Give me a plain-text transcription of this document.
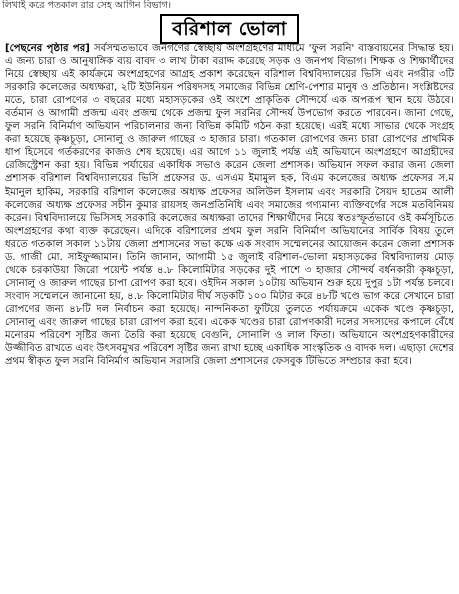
লিখাই করে পতকাল রার সেহ আগিন বিভাগ।
বরিশাল ভোলা
[পেছনের পৃষ্ঠার পর] সর্বসম্মতভাবে জনগণের স্বেচ্ছায় অংশগ্রহণের মাধ্যমে 'ফুল সরনি' বাস্তবায়নের সিদ্ধান্ত হয়। এ জন্য চারা ও আনুষাঙ্গিক ব্যয় বাবদ ৩ লাখ টাকা বরাদ্দ করেছে সড়ক ও জনপথ বিভাগ। শিক্ষক ও শিক্ষার্থীদের নিয়ে স্বেচ্ছায় এই কার্যক্রমে অংশগ্রহণের আগ্রহ প্রকাশ করেছেন বরিশাল বিশ্ববিদ্যালয়ের ভিসি এবং নগরীর ৩টি সরকারি কলেজের অধ্যক্ষরা, ২টি ইউনিয়ন পরিষদসহ সমাজের বিভিন্ন শ্রেণি-পেশার মানুষ ও প্রতিষ্ঠান। সংশ্লিষ্টদের মতে, চারা রোপণের ৩ বছরের মধ্যে মহাসড়কের ওই অংশে প্রাকৃতিক সৌন্দর্যে এক অপরূপ স্থান হয়ে উঠবে। বর্তমান ও আগামী প্রজন্ম এবং প্রজন্ম থেকে প্রজন্ম ফুল সরনির সৌন্দর্য উপভোগ করতে পারবেন। জানা গেছে, ফুল সরনি বিনির্মাণ অভিযান পরিচালনার জন্য বিভিন্ন কমিটি গঠন করা হয়েছে। এরই মধ্যে সাভার থেকে সংগ্রহ করা হয়েছে কৃষ্ণচূড়া, সোনালু ও জারুল গাছের ৩ হাজার চারা। গতকাল রোপণের জন্য চারা রোপণের প্রাথমিক ধাপ হিসেবে গর্তকরণের কাজও শেষ হয়েছে। এর আগে ১১ জুলাই পর্যন্ত এই অভিযানে অংশগ্রহণে আগ্রহীদের রেজিস্ট্রেশন করা হয়। বিভিন্ন পর্যায়ের একাধিক সভাও করেন জেলা প্রশাসক। অভিযান সফল করার জন্য জেলা প্রশাসক বরিশাল বিশ্ববিদ্যালয়ের ভিসি প্রফেসর ড. এসএম ইমামুল হক, বিএম কলেজের অধ্যক্ষ প্রফেসর স.ম ইমানুল হাকিম, সরকারি বরিশাল কলেজের অধ্যক্ষ প্রফেসর অলিউল ইসলাম এবং সরকারি সৈয়দ হাতেম আলী কলেজের অধ্যক্ষ প্রফেসর সচীন কুমার রায়সহ জনপ্রতিনিধি এবং সমাজের গণ্যমান্য ব্যক্তিবর্গের সঙ্গে মতবিনিময় করেন। বিশ্ববিদ্যালয়ে ভিসিসহ সরকারি কলেজের অধ্যক্ষরা তাদের শিক্ষার্থীদের নিয়ে স্বতঃস্ফূর্তভাবে ওই কর্মসূচিতে অংশগ্রহণের কথা ব্যক্ত করেছেন। এদিকে বরিশালের প্রথম ফুল সরনি বিনির্মাণ অভিযানের সার্বিক বিষয় তুলে ধরতে গতকাল সকাল ১১টায় জেলা প্রশাসনের সভা কক্ষে এক সংবাদ সম্মেলনের আয়োজন করেন জেলা প্রশাসক ড. গাজী মো. সাইফুজ্জামান। তিনি জানান, আগামী ১৫ জুলাই বরিশাল-ভোলা মহাসড়কের বিশ্ববিদ্যালয় মোড় থেকে চরকাউয়া জিরো পয়েন্ট পর্যন্ত ৪.৮ কিলোমিটার সড়কের দুই পাশে ৩ হাজার সৌন্দর্য বর্ধনকারী কৃষ্ণচূড়া, সোনালু ও জারুল গাছের চাপা রোপণ করা হবে। ওইদিন সকাল ১০টায় অভিযান শুরু হয়ে দুপুর ১টা পর্যন্ত চলবে। সংবাদ সম্মেলনে জানানো হয়, ৪.৮ কিলোমিটার দীর্ঘ সড়কটি ১০০ মিটার করে ৪৮টি খণ্ডে ভাগ করে সেখানে চারা রোপণের জন্য ৪৮টি দল নির্বাচন করা হয়েছে। নান্দনিকতা ফুটিয়ে তুলতে পর্যায়ক্রমে একেক খণ্ডে কৃষ্ণচূড়া, সোনালু এবং জারুল গাছের চারা রোপণ করা হবে। একেক খণ্ডের চারা রোপণকারী দলের সদস্যদের কপালে বেঁধে মনোরম পরিবেশ সৃষ্টির জন্য তৈরি করা হয়েছে বেগুনি, সোনালি ও লাল ফিতা। অভিযানে অংশগ্রহণকারীদের উজ্জীবিত রাখতে এবং উৎসবমুখর পরিবেশ সৃষ্টির জন্য রাখা হচ্ছে একাধিক সাংস্কৃতিক ও বাদক দল। এছাড়া দেশের প্রথম স্বীকৃত ফুল সরনি বিনির্মাণ অভিযান সরাসরি জেলা প্রশাসনের ফেসবুক টিভিতে সম্প্রচার করা হবে।
